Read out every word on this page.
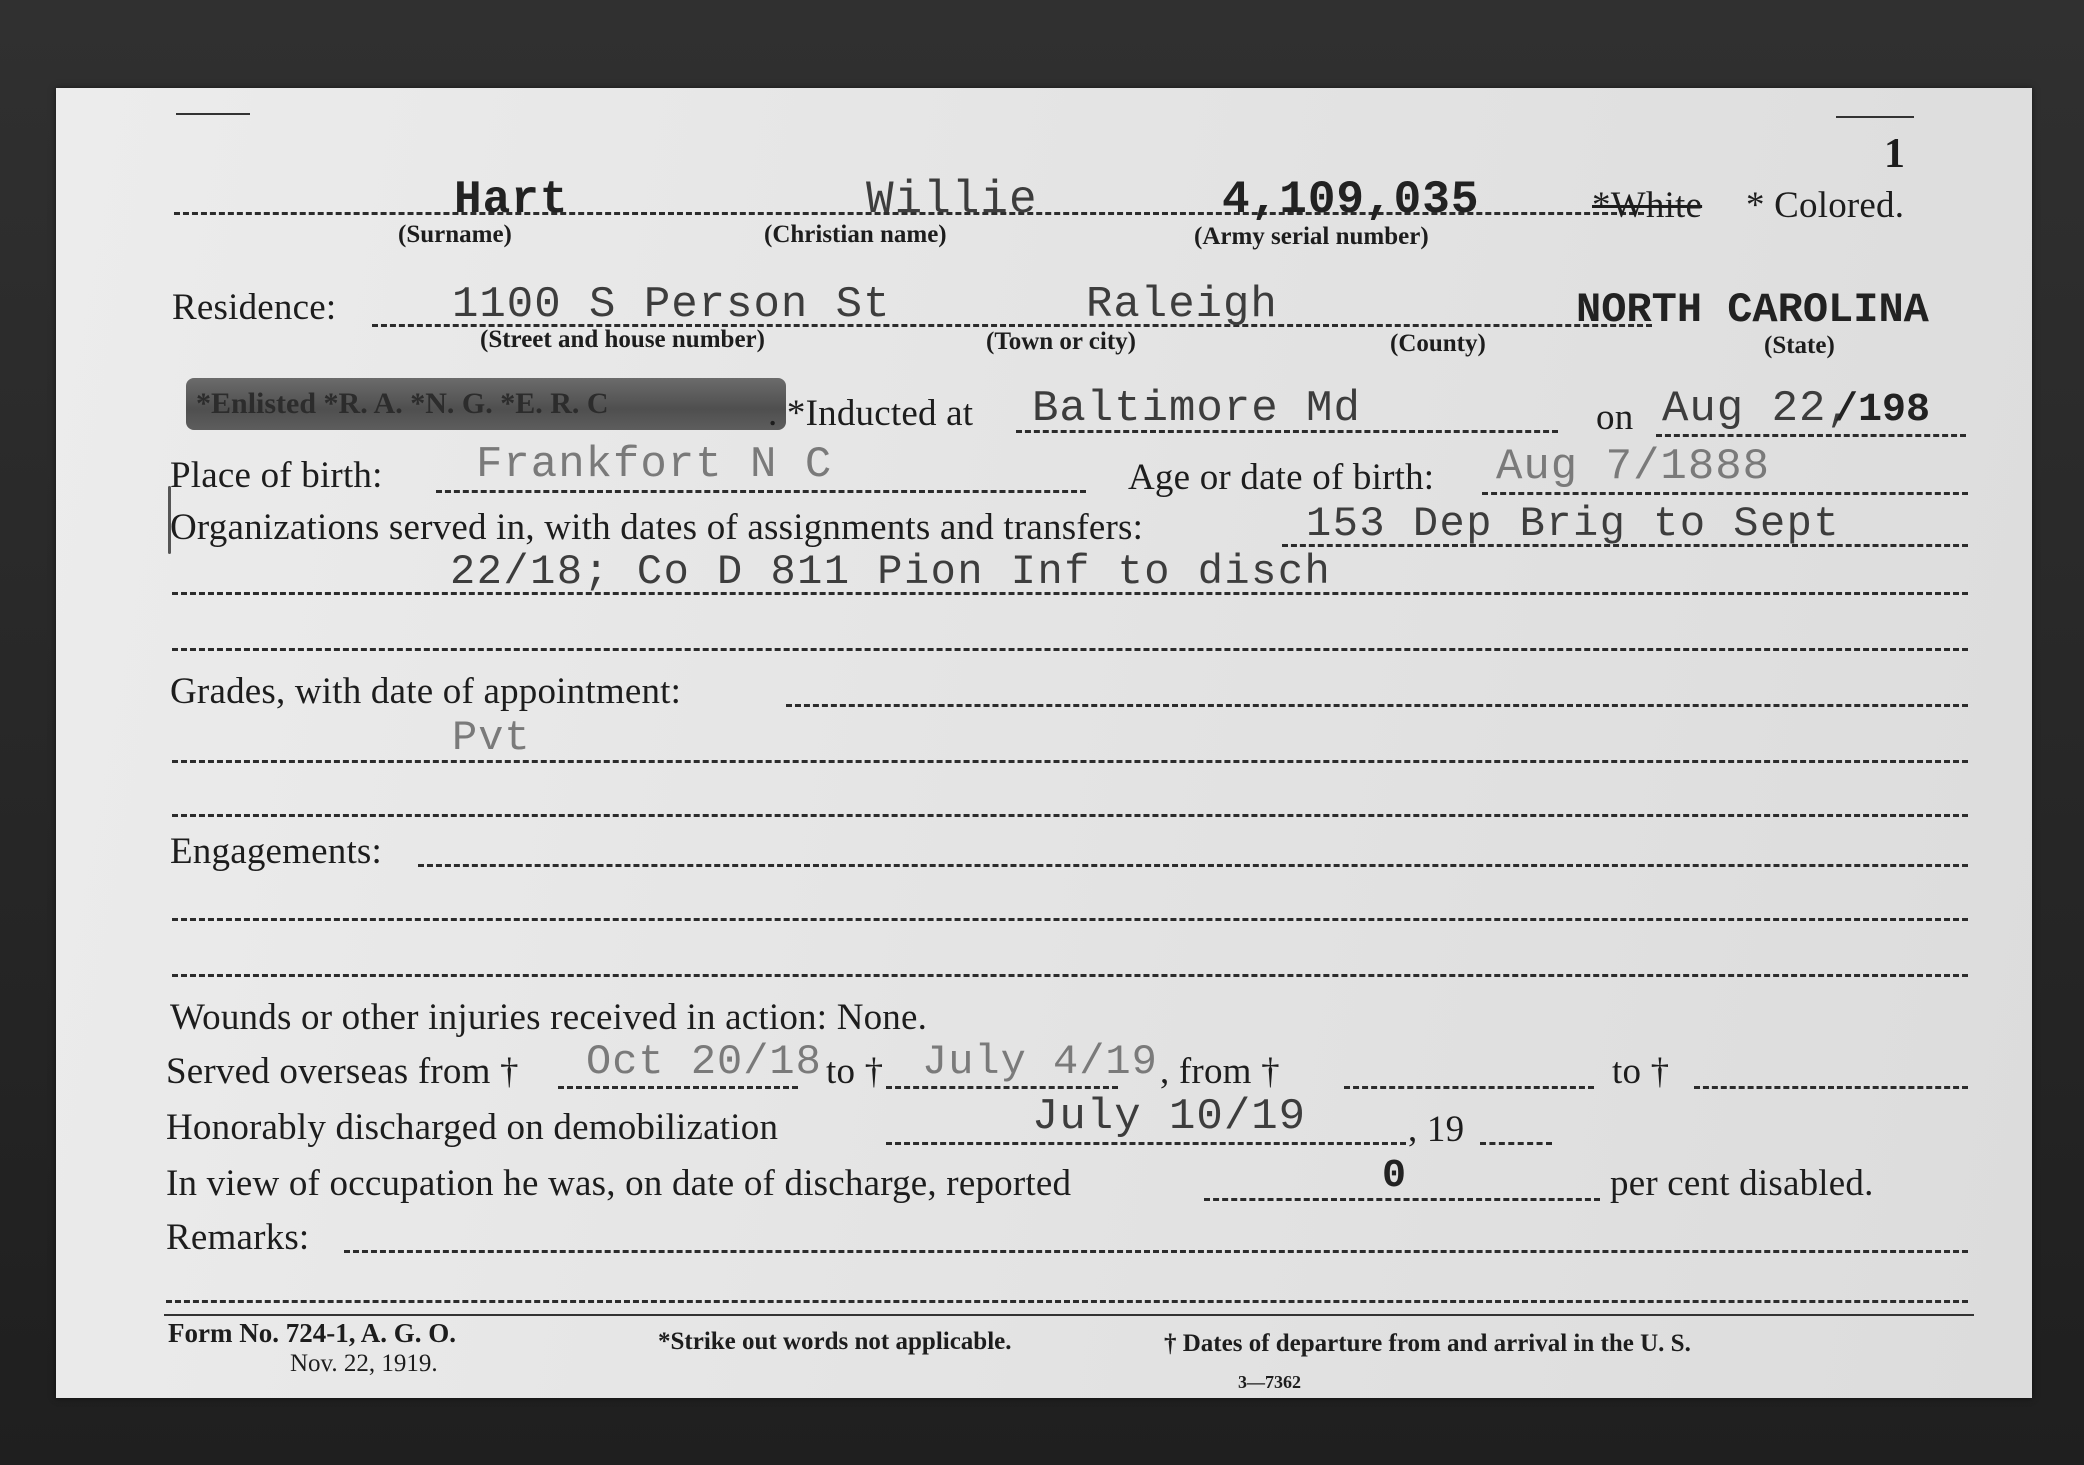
1
Hart	Willie	4,109,035	*White * Colored.
(Surname)	(Christian name)	(Army serial number)
Residence:	1100 S Person St	Raleigh	NORTH CAROLINA
(Street and house number)	(Town or city)	(County)	(State)
*Enlisted *R. A. *N. G. *E. R. C	. *Inducted at Baltimore Md	on Aug 22,
/198
Place of birth: Frankfort N C	Age or date of birth: Aug 7/1888
Organizations served in, with dates of assignments and transfers:	153 Dep Brig to Sept
22/18; Co D 811 Pion Inf to disch
Grades, with date of appointment:
Pvt
Engagements:
Wounds or other injuries received in action: None.
Served overseas from † Oct 20/18 to † July 4/19 , from †	to †
Honorably discharged on demobilization	July 10/19	, 19
In view of occupation he was, on date of discharge, reported	0	per cent disabled.
Remarks:
Form No. 724-1, A. G. O.
Nov. 22, 1919.
*Strike out words not applicable.	† Dates of departure from and arrival in the U. S.
3—7362
